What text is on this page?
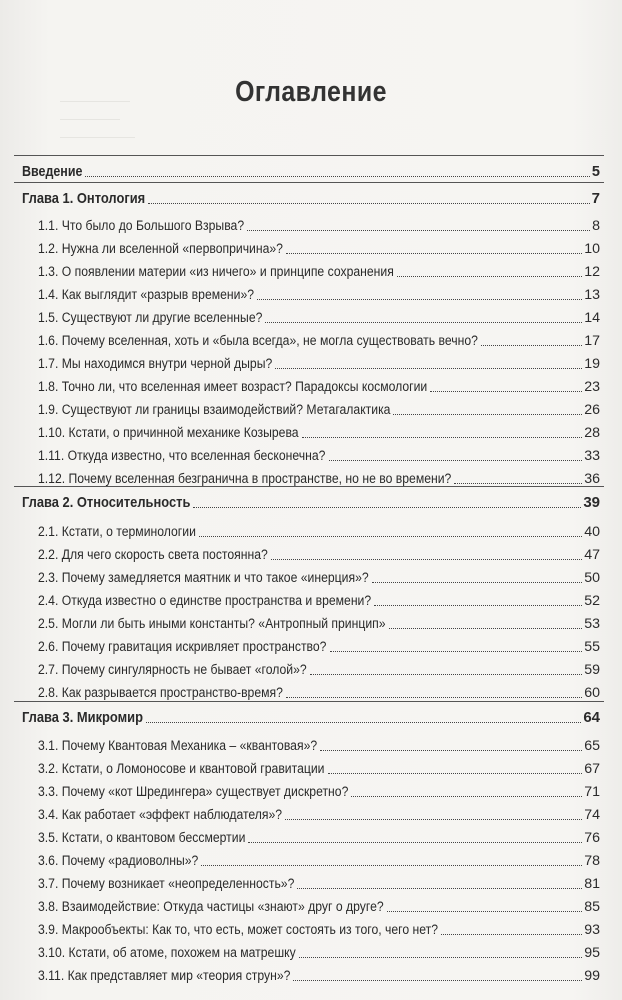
Оглавление
Введение	5
Глава 1. Онтология	7
1.1. Что было до Большого Взрыва?	8
1.2. Нужна ли вселенной «первопричина»?	10
1.3. О появлении материи «из ничего» и принципе сохранения	12
1.4. Как выглядит «разрыв времени»?	13
1.5. Существуют ли другие вселенные?	14
1.6. Почему вселенная, хоть и «была всегда», не могла существовать вечно?	17
1.7. Мы находимся внутри черной дыры?	19
1.8. Точно ли, что вселенная имеет возраст? Парадоксы космологии	23
1.9. Существуют ли границы взаимодействий? Метагалактика	26
1.10. Кстати, о причинной механике Козырева	28
1.11. Откуда известно, что вселенная бесконечна?	33
1.12. Почему вселенная безгранична в пространстве, но не во времени?	36
Глава 2. Относительность	39
2.1. Кстати, о терминологии	40
2.2. Для чего скорость света постоянна?	47
2.3. Почему замедляется маятник и что такое «инерция»?	50
2.4. Откуда известно о единстве пространства и времени?	52
2.5. Могли ли быть иными константы? «Антропный принцип»	53
2.6. Почему гравитация искривляет пространство?	55
2.7. Почему сингулярность не бывает «голой»?	59
2.8. Как разрывается пространство-время?	60
Глава 3. Микромир	64
3.1. Почему Квантовая Механика – «квантовая»?	65
3.2. Кстати, о Ломоносове и квантовой гравитации	67
3.3. Почему «кот Шредингера» существует дискретно?	71
3.4. Как работает «эффект наблюдателя»?	74
3.5. Кстати, о квантовом бессмертии	76
3.6. Почему «радиоволны»?	78
3.7. Почему возникает «неопределенность»?	81
3.8. Взаимодействие: Откуда частицы «знают» друг о друге?	85
3.9. Макрообъекты: Как то, что есть, может состоять из того, чего нет?	93
3.10. Кстати, об атоме, похожем на матрешку	95
3.11. Как представляет мир «теория струн»?	99
